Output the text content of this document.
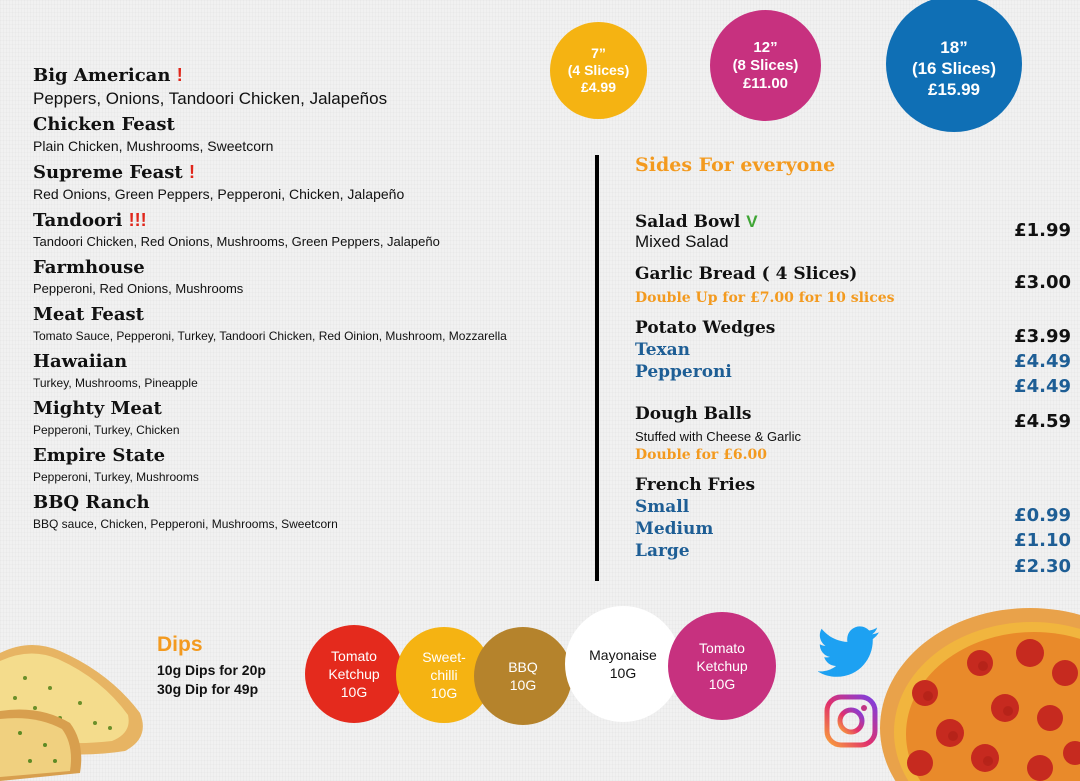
Big American !
Peppers, Onions, Tandoori Chicken, Jalapeños
Chicken Feast
Plain Chicken, Mushrooms, Sweetcorn
Supreme Feast !
Red Onions, Green Peppers, Pepperoni, Chicken, Jalapeño
Tandoori !!!
Tandoori Chicken, Red Onions, Mushrooms, Green Peppers, Jalapeño
Farmhouse
Pepperoni, Red Onions, Mushrooms
Meat Feast
Tomato Sauce, Pepperoni, Turkey, Tandoori Chicken, Red Oinion, Mushroom, Mozzarella
Hawaiian
Turkey, Mushrooms, Pineapple
Mighty Meat
Pepperoni, Turkey, Chicken
Empire State
Pepperoni, Turkey, Mushrooms
BBQ Ranch
BBQ sauce, Chicken, Pepperoni, Mushrooms, Sweetcorn
7”
(4 Slices)
£4.99
12”
(8 Slices)
£11.00
18”
(16 Slices)
£15.99
Sides For everyone
Salad Bowl V
Mixed Salad
£1.99
Garlic Bread ( 4 Slices)
Double Up for £7.00 for 10 slices
£3.00
Potato Wedges
Texan
Pepperoni
£3.99
£4.49
£4.49
Dough Balls
Stuffed with Cheese & Garlic
Double for £6.00
£4.59
French Fries
Small
Medium
Large
£0.99
£1.10
£2.30
Dips
10g Dips for 20p
30g Dip for 49p
Tomato
Ketchup
10G
Sweet-
chilli
10G
BBQ
10G
Mayonaise
10G
Tomato
Ketchup
10G
